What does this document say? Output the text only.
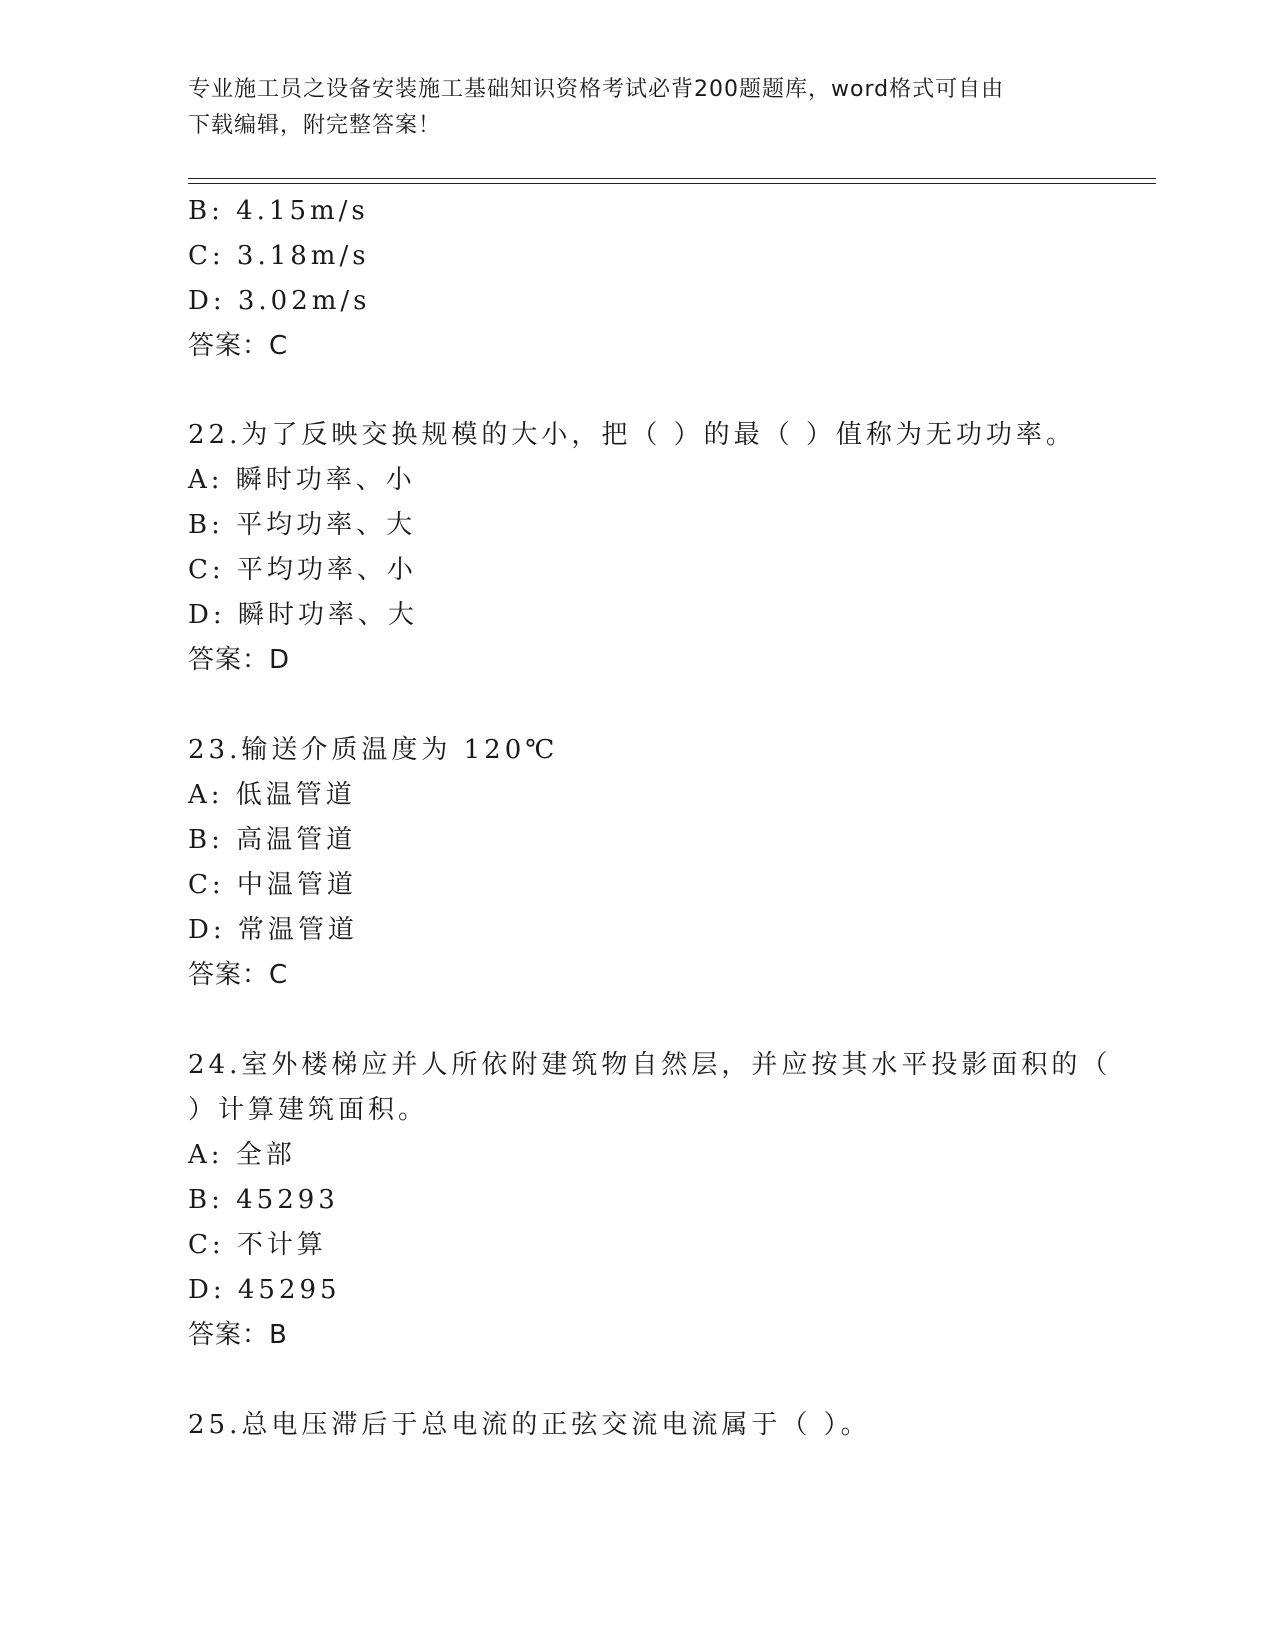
专业施工员之设备安装施工基础知识资格考试必背200题题库，word格式可自由
下载编辑，附完整答案！
B: 4.15m/s
C: 3.18m/s
D: 3.02m/s
答案：C
22.为了反映交换规模的大小，把（ ）的最（ ）值称为无功功率。
A: 瞬时功率、小
B: 平均功率、大
C: 平均功率、小
D: 瞬时功率、大
答案：D
23.输送介质温度为 120℃
A: 低温管道
B: 高温管道
C: 中温管道
D: 常温管道
答案：C
24.室外楼梯应并人所依附建筑物自然层，并应按其水平投影面积的（
）计算建筑面积。
A: 全部
B: 45293
C: 不计算
D: 45295
答案：B
25.总电压滞后于总电流的正弦交流电流属于（ ）。
